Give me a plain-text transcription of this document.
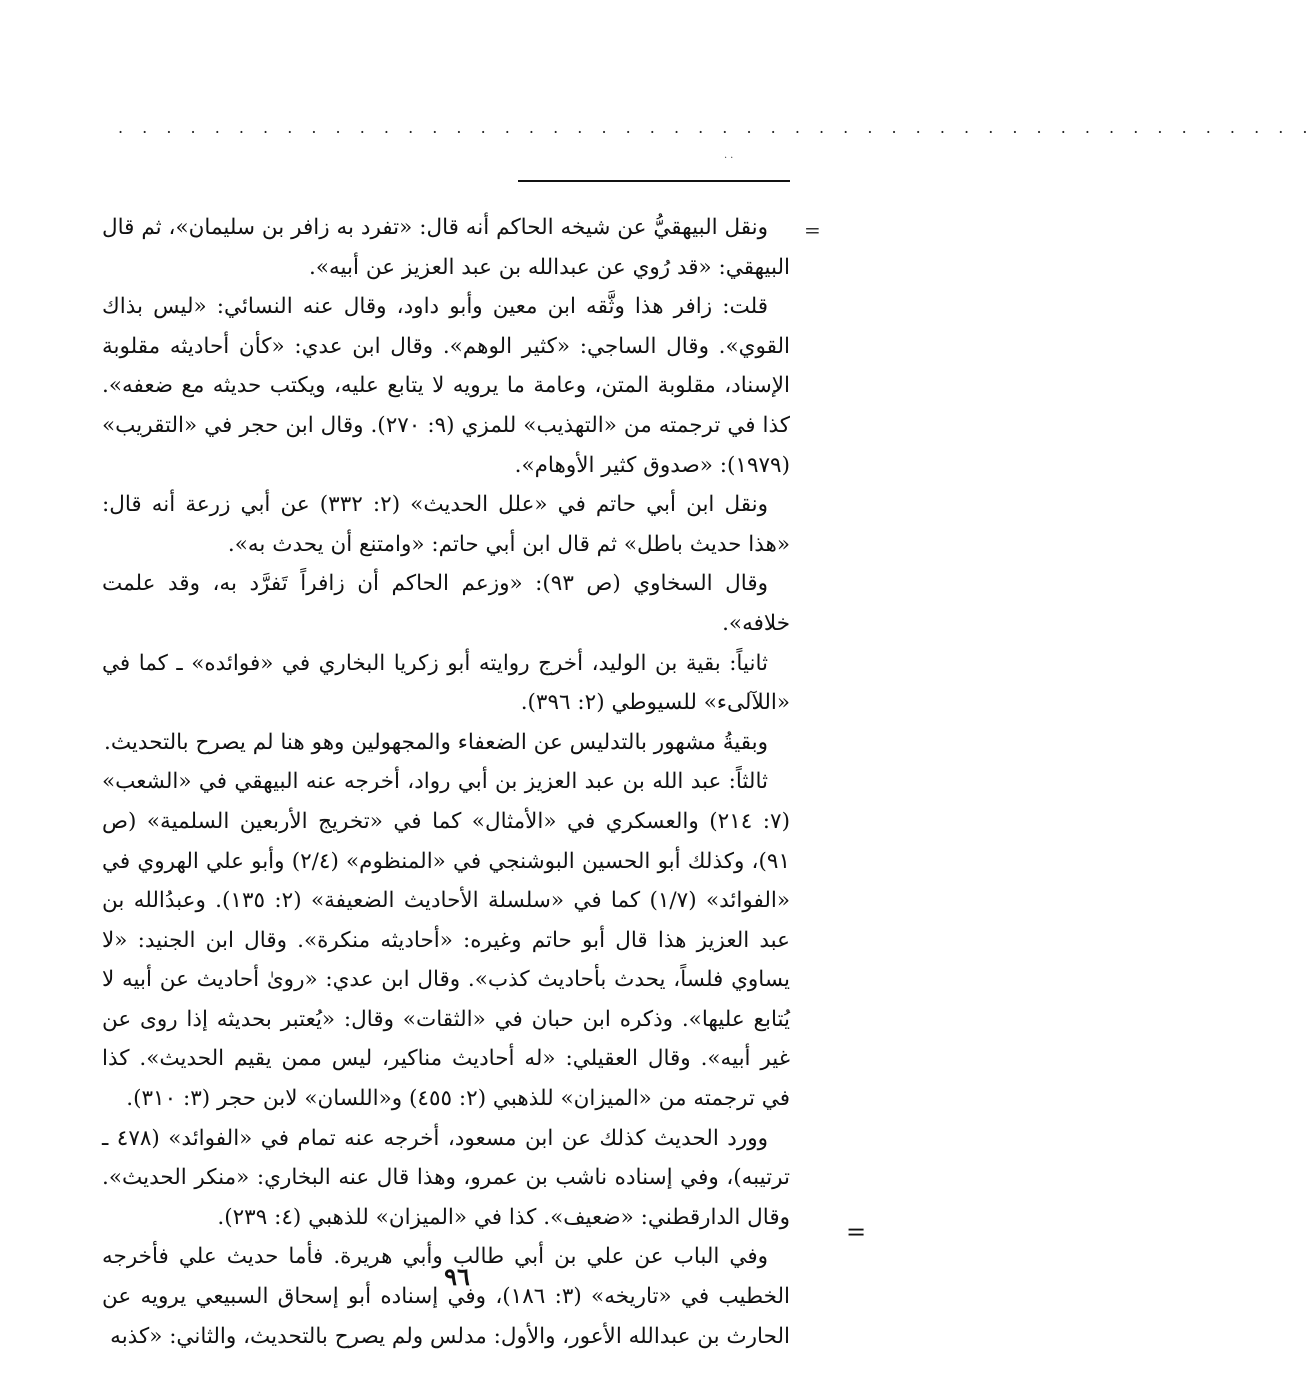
. . . . . . . . . . . . . . . . . . . . . . . . . . . . . . . . . . . . . . . . . . . . . . . . . .
..
=
=

ونقل البيهقيُّ عن شيخه الحاكم أنه قال: «تفرد به زافر بن سليمان»، ثم قال البيهقي: «قد رُوي عن عبدالله بن عبد العزيز عن أبيه».

قلت: زافر هذا وثَّقه ابن معين وأبو داود، وقال عنه النسائي: «ليس بذاك القوي». وقال الساجي: «كثير الوهم». وقال ابن عدي: «كأن أحاديثه مقلوبة الإسناد، مقلوبة المتن، وعامة ما يرويه لا يتابع عليه، ويكتب حديثه مع ضعفه». كذا في ترجمته من «التهذيب» للمزي (٩: ٢٧٠). وقال ابن حجر في «التقريب» (١٩٧٩): «صدوق كثير الأوهام».

ونقل ابن أبي حاتم في «علل الحديث» (٢: ٣٣٢) عن أبي زرعة أنه قال: «هذا حديث باطل» ثم قال ابن أبي حاتم: «وامتنع أن يحدث به».

وقال السخاوي (ص ٩٣): «وزعم الحاكم أن زافراً تَفرَّد به، وقد علمت خلافه».

ثانياً: بقية بن الوليد، أخرج روايته أبو زكريا البخاري في «فوائده» ـ كما في «اللآلىء» للسيوطي (٢: ٣٩٦).

وبقيةُ مشهور بالتدليس عن الضعفاء والمجهولين وهو هنا لم يصرح بالتحديث.

ثالثاً: عبد الله بن عبد العزيز بن أبي رواد، أخرجه عنه البيهقي في «الشعب» (٧: ٢١٤) والعسكري في «الأمثال» كما في «تخريج الأربعين السلمية» (ص ٩١)، وكذلك أبو الحسين البوشنجي في «المنظوم» (٢/٤) وأبو علي الهروي في «الفوائد» (١/٧) كما في «سلسلة الأحاديث الضعيفة» (٢: ١٣٥). وعبدُالله بن عبد العزيز هذا قال أبو حاتم وغيره: «أحاديثه منكرة». وقال ابن الجنيد: «لا يساوي فلساً، يحدث بأحاديث كذب». وقال ابن عدي: «روىٰ أحاديث عن أبيه لا يُتابع عليها». وذكره ابن حبان في «الثقات» وقال: «يُعتبر بحديثه إذا روى عن غير أبيه». وقال العقيلي: «له أحاديث مناكير، ليس ممن يقيم الحديث». كذا في ترجمته من «الميزان» للذهبي (٢: ٤٥٥) و«اللسان» لابن حجر (٣: ٣١٠).

وورد الحديث كذلك عن ابن مسعود، أخرجه عنه تمام في «الفوائد» (٤٧٨ ـ ترتيبه)، وفي إسناده ناشب بن عمرو، وهذا قال عنه البخاري: «منكر الحديث». وقال الدارقطني: «ضعيف». كذا في «الميزان» للذهبي (٤: ٢٣٩).

وفي الباب عن علي بن أبي طالب وأبي هريرة. فأما حديث علي فأخرجه الخطيب في «تاريخه» (٣: ١٨٦)، وفي إسناده أبو إسحاق السبيعي يرويه عن الحارث بن عبدالله الأعور، والأول: مدلس ولم يصرح بالتحديث، والثاني: «كذبه

٩٦
